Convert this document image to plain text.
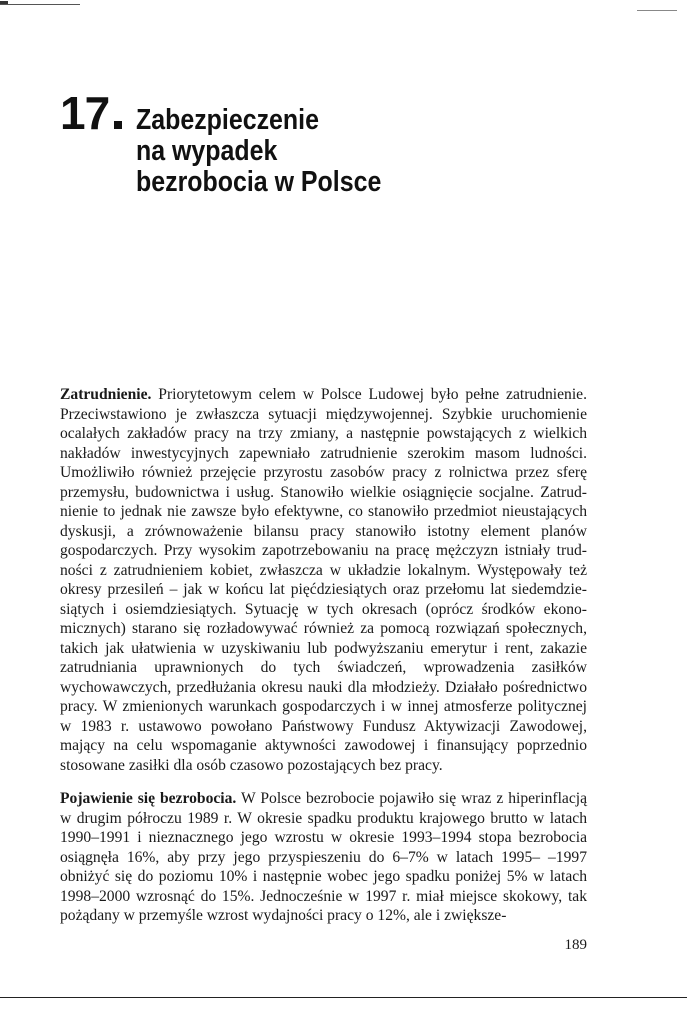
17 Zabezpieczenie
na wypadek
bezrobocia w Polsce

Zatrudnienie. Priorytetowym celem w Polsce Ludowej było pełne zatrudnienie. Przeciwstawiono je zwłaszcza sytuacji międzywojennej. Szybkie uruchomienie ocalałych zakładów pracy na trzy zmiany, a następnie powstających z wielkich nakładów inwestycyjnych zapewniało zatrudnienie szerokim masom ludności. Umożliwiło również przejęcie przyrostu zasobów pracy z rolnictwa przez sferę przemysłu, budownictwa i usług. Stanowiło wielkie osiągnięcie socjalne. Zatrudnienie to jednak nie zawsze było efektywne, co stanowiło przedmiot nieustających dyskusji, a zrównoważenie bilansu pracy stanowiło istotny element planów gospodarczych. Przy wysokim zapotrzebowaniu na pracę mężczyzn istniały trudności z zatrudnieniem kobiet, zwłaszcza w układzie lokalnym. Występowały też okresy przesileń – jak w końcu lat pięćdziesiątych oraz przełomu lat siedemdziesiątych i osiemdziesiątych. Sytuację w tych okresach (oprócz środków ekonomicznych) starano się rozładowywać również za pomocą rozwiązań społecznych, takich jak ułatwienia w uzyskiwaniu lub podwyższaniu emerytur i rent, zakazie zatrudniania uprawnionych do tych świadczeń, wprowadzenia zasiłków wychowawczych, przedłużania okresu nauki dla młodzieży. Działało pośrednictwo pracy. W zmienionych warunkach gospodarczych i w innej atmosferze politycznej w 1983 r. ustawowo powołano Państwowy Fundusz Aktywizacji Zawodowej, mający na celu wspomaganie aktywności zawodowej i finansujący poprzednio stosowane zasiłki dla osób czasowo pozostających bez pracy.

Pojawienie się bezrobocia. W Polsce bezrobocie pojawiło się wraz z hiperinflacją w drugim półroczu 1989 r. W okresie spadku produktu krajowego brutto w latach 1990–1991 i nieznacznego jego wzrostu w okresie 1993–1994 stopa bezrobocia osiągnęła 16%, aby przy jego przyspieszeniu do 6–7% w latach 1995– –1997 obniżyć się do poziomu 10% i następnie wobec jego spadku poniżej 5% w latach 1998–2000 wzrosnąć do 15%. Jednocześnie w 1997 r. miał miejsce skokowy, tak pożądany w przemyśle wzrost wydajności pracy o 12%, ale i zwiększe-

189
